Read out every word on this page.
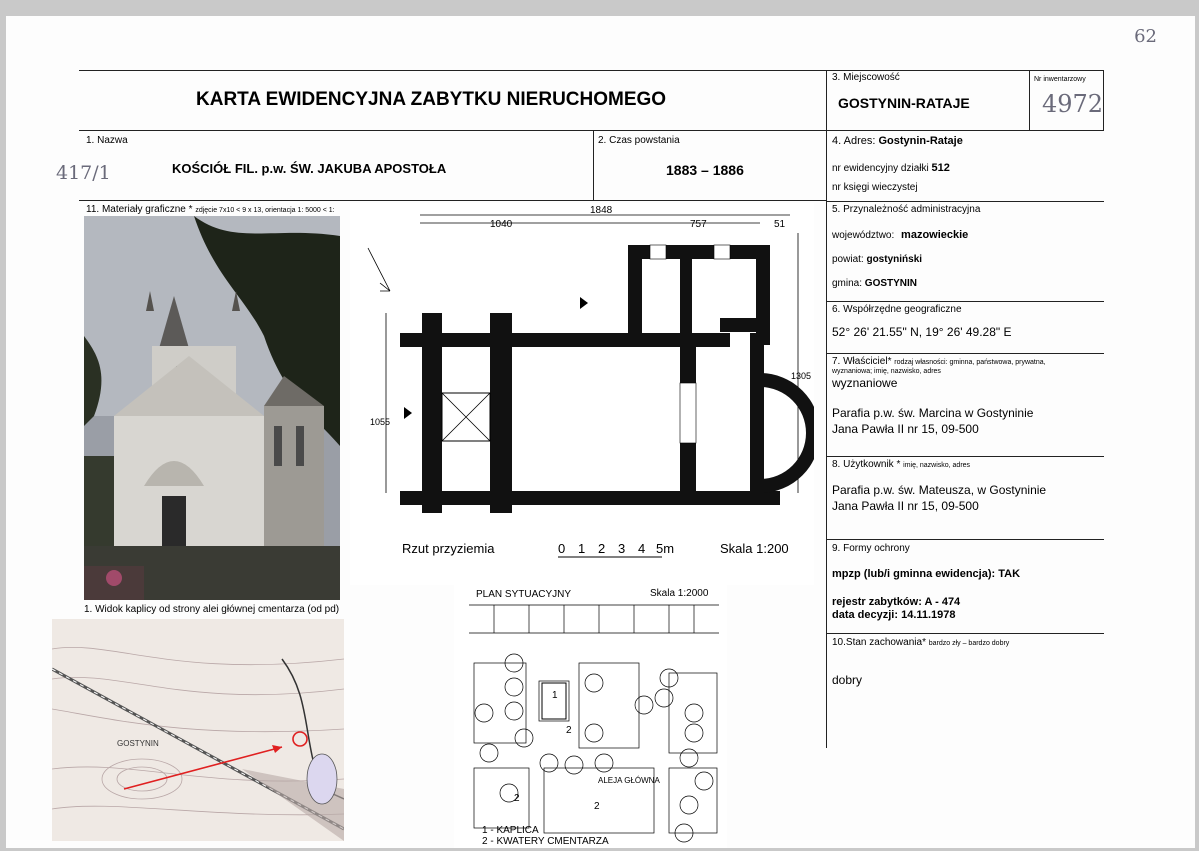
62
KARTA EWIDENCYJNA ZABYTKU NIERUCHOMEGO
3. Miejscowość
GOSTYNIN-RATAJE
Nr inwentarzowy
4972
1. Nazwa
417/1	KOŚCIÓŁ FIL. p.w. ŚW. JAKUBA APOSTOŁA
2. Czas powstania
1883 – 1886
4. Adres: Gostynin-Rataje
nr ewidencyjny działki 512
nr księgi wieczystej
5. Przynależność administracyjna
województwo: mazowieckie
powiat: gostyniński
gmina: GOSTYNIN
6. Współrzędne geograficzne
52° 26' 21.55" N, 19° 26' 49.28" E
7. Właściciel* rodzaj własności: gminna, państwowa, prywatna,
wyznaniowa; imię, nazwisko, adres
wyznaniowe
Parafia p.w. św. Marcina w Gostyninie
Jana Pawła II nr 15, 09-500
8. Użytkownik * imię, nazwisko, adres
Parafia p.w. św. Mateusza, w Gostyninie
Jana Pawła II nr 15, 09-500
9. Formy ochrony
mpzp (lub/i gminna ewidencja): TAK
rejestr zabytków: A - 474
data decyzji: 14.11.1978
10.Stan zachowania* bardzo zły – bardzo dobry
dobry
11. Materiały graficzne * zdjęcie 7x10 < 9 x 13, orientacja 1: 5000 < 1:
1. Widok kaplicy od strony alei głównej cmentarza (od pd)
GOSTYNIN
1848
1040	757	51
1055
1305
Rzut przyziemia	0 1 2 3 4 5m	Skala 1:200
PLAN SYTUACYJNY	Skala 1:2000
2
1
ALEJA GŁÓWNA
2
2
1 - KAPLICA
2 - KWATERY CMENTARZA
